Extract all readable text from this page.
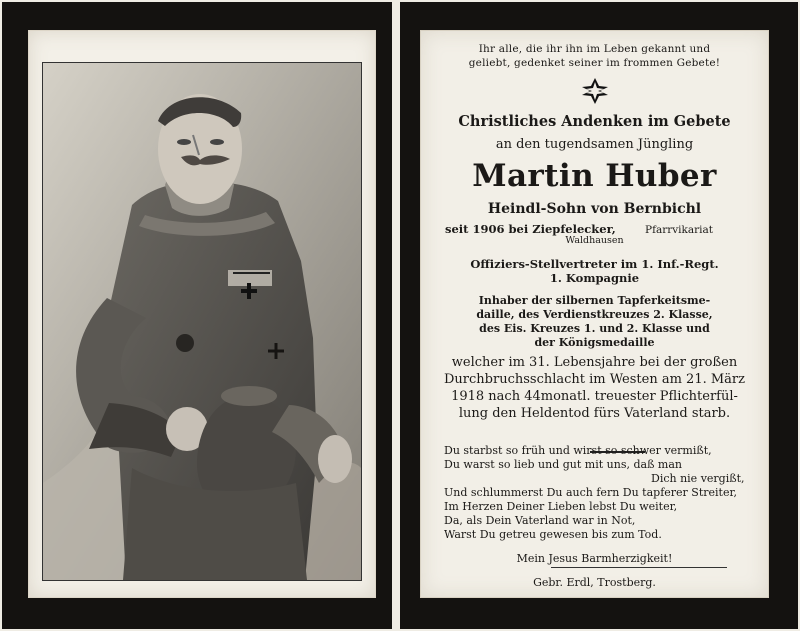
Ihr alle, die ihr ihn im Leben gekannt und
geliebt, gedenket seiner im frommen Gebete!
Christliches Andenken im Gebete
an den tugendsamen Jüngling
Martin Huber
Heindl-Sohn von Bernbichl
seit 1906 bei Ziepfelecker,	Pfarrvikariat
Waldhausen
Offiziers-Stellvertreter im 1. Inf.-Regt.
1. Kompagnie
Inhaber der silbernen Tapferkeitsme-
daille, des Verdienstkreuzes 2. Klasse,
des Eis. Kreuzes 1. und 2. Klasse und
der Königsmedaille
welcher im 31. Lebensjahre bei der großen
Durchbruchsschlacht im Westen am 21. März
1918 nach 44monatl. treuester Pflichterfül-
lung den Heldentod fürs Vaterland starb.
Du starbst so früh und wirst so schwer vermißt,
Du warst so lieb und gut mit uns, daß man
Dich nie vergißt,
Und schlummerst Du auch fern Du tapferer Streiter,
Im Herzen Deiner Lieben lebst Du weiter,
Da, als Dein Vaterland war in Not,
Warst Du getreu gewesen bis zum Tod.
Mein Jesus Barmherzigkeit!
Gebr. Erdl, Trostberg.
